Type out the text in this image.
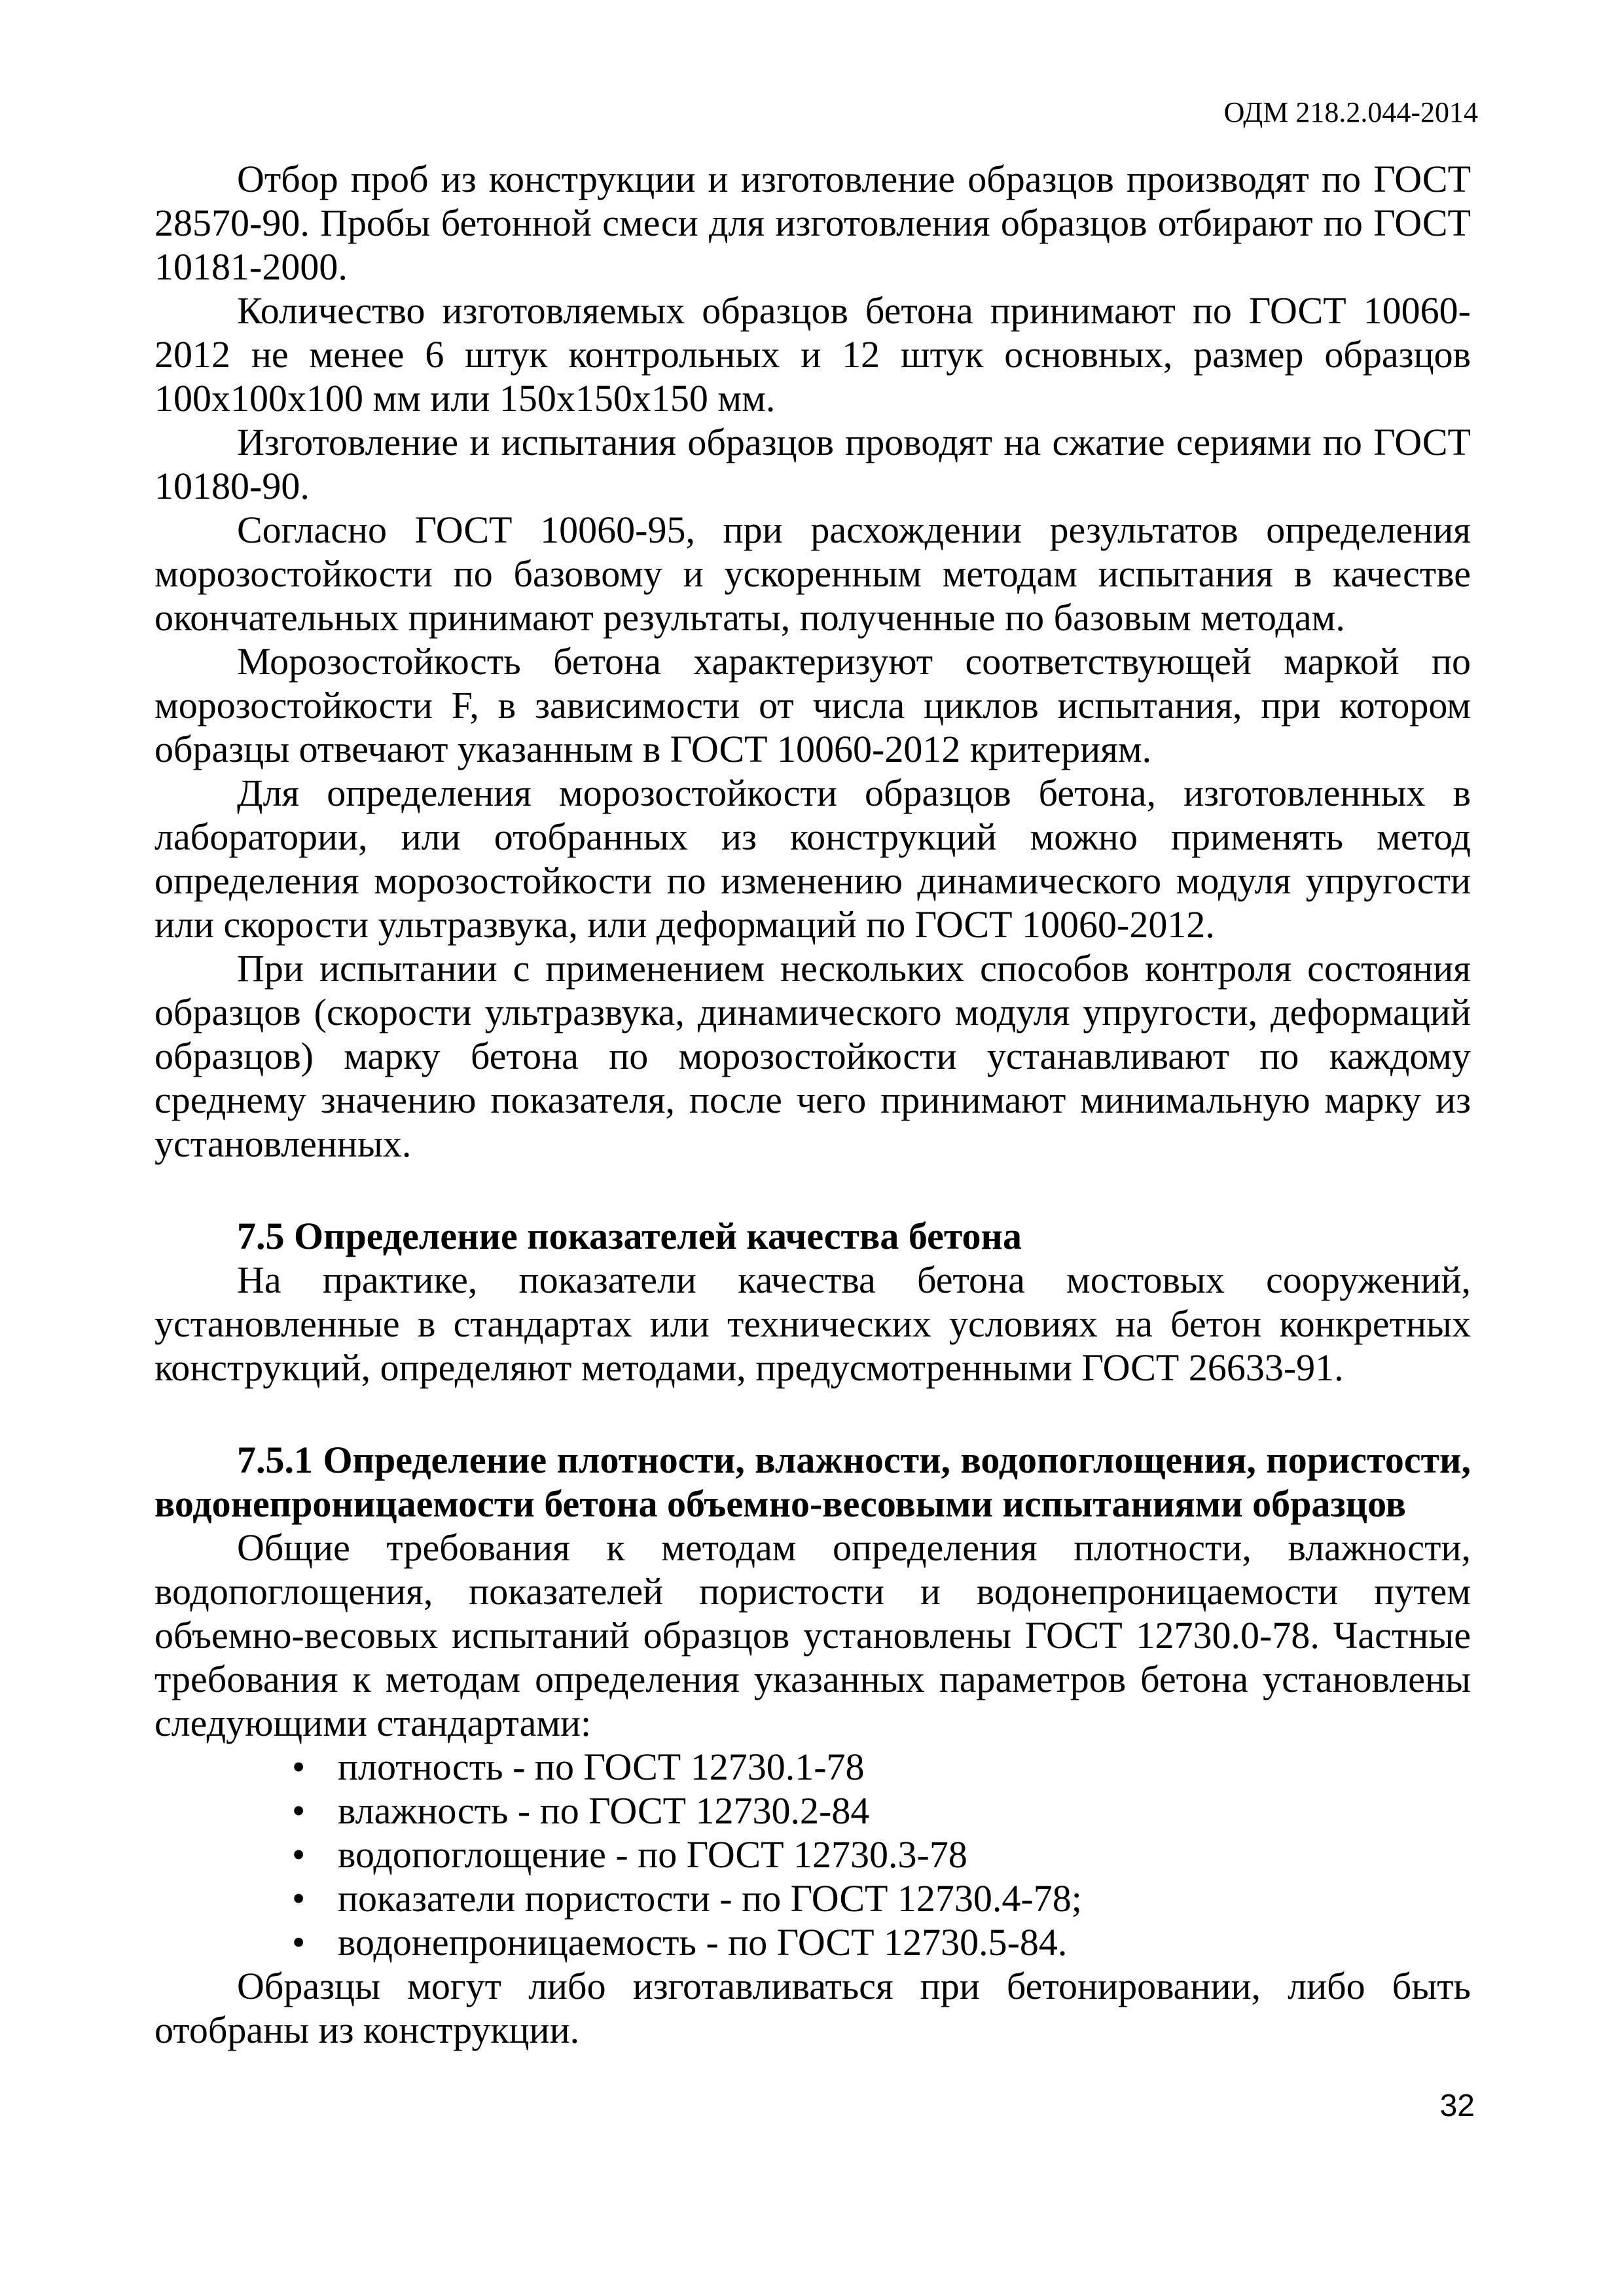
ОДМ 218.2.044-2014

Отбор проб из конструкции и изготовление образцов производят по ГОСТ 28570-90. Пробы бетонной смеси для изготовления образцов отбирают по ГОСТ 10181-2000.

Количество изготовляемых образцов бетона принимают по ГОСТ 10060-2012 не менее 6 штук контрольных и 12 штук основных, размер образцов 100х100х100 мм или 150х150х150 мм.

Изготовление и испытания образцов проводят на сжатие сериями по ГОСТ 10180-90.

Согласно ГОСТ 10060-95, при расхождении результатов определения морозостойкости по базовому и ускоренным методам испытания в качестве окончательных принимают результаты, полученные по базовым методам.

Морозостойкость бетона характеризуют соответствующей маркой по морозостойкости F, в зависимости от числа циклов испытания, при котором образцы отвечают указанным в ГОСТ 10060-2012 критериям.

Для определения морозостойкости образцов бетона, изготовленных в лаборатории, или отобранных из конструкций можно применять метод определения морозостойкости по изменению динамического модуля упругости или скорости ультразвука, или деформаций по ГОСТ 10060-2012.

При испытании с применением нескольких способов контроля состояния образцов (скорости ультразвука, динамического модуля упругости, деформаций образцов) марку бетона по морозостойкости устанавливают по каждому среднему значению показателя, после чего принимают минимальную марку из установленных.

7.5 Определение показателей качества бетона

На практике, показатели качества бетона мостовых сооружений, установленные в стандартах или технических условиях на бетон конкретных конструкций, определяют методами, предусмотренными ГОСТ 26633-91.

7.5.1 Определение плотности, влажности, водопоглощения, пористости, водонепроницаемости бетона объемно-весовыми испытаниями образцов

Общие требования к методам определения плотности, влажности, водопоглощения, показателей пористости и водонепроницаемости путем объемно-весовых испытаний образцов установлены ГОСТ 12730.0-78. Частные требования к методам определения указанных параметров бетона установлены следующими стандартами:

• плотность - по ГОСТ 12730.1-78
• влажность - по ГОСТ 12730.2-84
• водопоглощение - по ГОСТ 12730.3-78
• показатели пористости - по ГОСТ 12730.4-78;
• водонепроницаемость - по ГОСТ 12730.5-84.

Образцы могут либо изготавливаться при бетонировании, либо быть отобраны из конструкции.

32
